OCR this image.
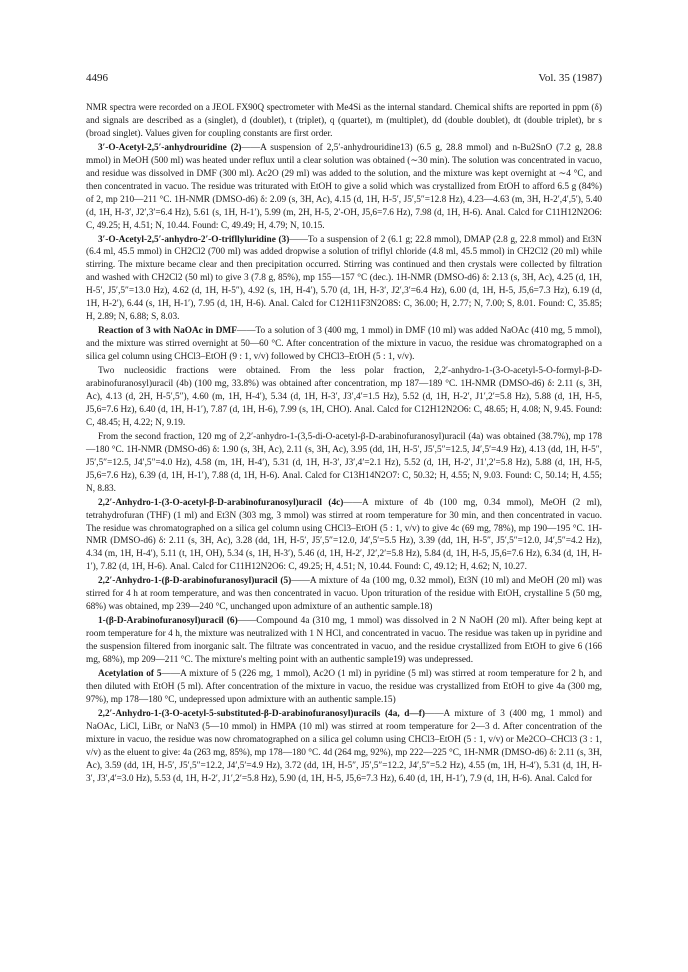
4496	Vol. 35 (1987)

NMR spectra were recorded on a JEOL FX90Q spectrometer with Me4Si as the internal standard. Chemical shifts are reported in ppm (δ) and signals are described as a (singlet), d (doublet), t (triplet), q (quartet), m (multiplet), dd (double doublet), dt (double triplet), br s (broad singlet). Values given for coupling constants are first order.

3′-O-Acetyl-2,5′-anhydrouridine (2)——A suspension of 2,5′-anhydrouridine13) (6.5 g, 28.8 mmol) and n-Bu2SnO (7.2 g, 28.8 mmol) in MeOH (500 ml) was heated under reflux until a clear solution was obtained (∼30 min). The solution was concentrated in vacuo, and residue was dissolved in DMF (300 ml). Ac2O (29 ml) was added to the solution, and the mixture was kept overnight at ∼4 °C, and then concentrated in vacuo. The residue was triturated with EtOH to give a solid which was crystallized from EtOH to afford 6.5 g (84%) of 2, mp 210—211 °C. 1H-NMR (DMSO-d6) δ: 2.09 (s, 3H, Ac), 4.15 (d, 1H, H-5′, J5′,5″=12.8 Hz), 4.23—4.63 (m, 3H, H-2′,4′,5′), 5.40 (d, 1H, H-3′, J2′,3′=6.4 Hz), 5.61 (s, 1H, H-1′), 5.99 (m, 2H, H-5, 2′-OH, J5,6=7.6 Hz), 7.98 (d, 1H, H-6). Anal. Calcd for C11H12N2O6: C, 49.25; H, 4.51; N, 10.44. Found: C, 49.49; H, 4.79; N, 10.15.

3′-O-Acetyl-2,5′-anhydro-2′-O-trifllyluridine (3)——To a suspension of 2 (6.1 g; 22.8 mmol), DMAP (2.8 g, 22.8 mmol) and Et3N (6.4 ml, 45.5 mmol) in CH2Cl2 (700 ml) was added dropwise a solution of triflyl chloride (4.8 ml, 45.5 mmol) in CH2Cl2 (20 ml) while stirring. The mixture became clear and then precipitation occurred. Stirring was continued and then crystals were collected by filtration and washed with CH2Cl2 (50 ml) to give 3 (7.8 g, 85%), mp 155—157 °C (dec.). 1H-NMR (DMSO-d6) δ: 2.13 (s, 3H, Ac), 4.25 (d, 1H, H-5′, J5′,5″=13.0 Hz), 4.62 (d, 1H, H-5″), 4.92 (s, 1H, H-4′), 5.70 (d, 1H, H-3′, J2′,3′=6.4 Hz), 6.00 (d, 1H, H-5, J5,6=7.3 Hz), 6.19 (d, 1H, H-2′), 6.44 (s, 1H, H-1′), 7.95 (d, 1H, H-6). Anal. Calcd for C12H11F3N2O8S: C, 36.00; H, 2.77; N, 7.00; S, 8.01. Found: C, 35.85; H, 2.89; N, 6.88; S, 8.03.

Reaction of 3 with NaOAc in DMF——To a solution of 3 (400 mg, 1 mmol) in DMF (10 ml) was added NaOAc (410 mg, 5 mmol), and the mixture was stirred overnight at 50—60 °C. After concentration of the mixture in vacuo, the residue was chromatographed on a silica gel column using CHCl3–EtOH (9 : 1, v/v) followed by CHCl3–EtOH (5 : 1, v/v).

Two nucleosidic fractions were obtained. From the less polar fraction, 2,2′-anhydro-1-(3-O-acetyl-5-O-formyl-β-D-arabinofuranosyl)uracil (4b) (100 mg, 33.8%) was obtained after concentration, mp 187—189 °C. 1H-NMR (DMSO-d6) δ: 2.11 (s, 3H, Ac), 4.13 (d, 2H, H-5′,5″), 4.60 (m, 1H, H-4′), 5.34 (d, 1H, H-3′, J3′,4′=1.5 Hz), 5.52 (d, 1H, H-2′, J1′,2′=5.8 Hz), 5.88 (d, 1H, H-5, J5,6=7.6 Hz), 6.40 (d, 1H, H-1′), 7.87 (d, 1H, H-6), 7.99 (s, 1H, CHO). Anal. Calcd for C12H12N2O6: C, 48.65; H, 4.08; N, 9.45. Found: C, 48.45; H, 4.22; N, 9.19.

From the second fraction, 120 mg of 2,2′-anhydro-1-(3,5-di-O-acetyl-β-D-arabinofuranosyl)uracil (4a) was obtained (38.7%), mp 178—180 °C. 1H-NMR (DMSO-d6) δ: 1.90 (s, 3H, Ac), 2.11 (s, 3H, Ac), 3.95 (dd, 1H, H-5′, J5′,5″=12.5, J4′,5′=4.9 Hz), 4.13 (dd, 1H, H-5″, J5′,5″=12.5, J4′,5″=4.0 Hz), 4.58 (m, 1H, H-4′), 5.31 (d, 1H, H-3′, J3′,4′=2.1 Hz), 5.52 (d, 1H, H-2′, J1′,2′=5.8 Hz), 5.88 (d, 1H, H-5, J5,6=7.6 Hz), 6.39 (d, 1H, H-1′), 7.88 (d, 1H, H-6). Anal. Calcd for C13H14N2O7: C, 50.32; H, 4.55; N, 9.03. Found: C, 50.14; H, 4.55; N, 8.83.

2,2′-Anhydro-1-(3-O-acetyl-β-D-arabinofuranosyl)uracil (4c)——A mixture of 4b (100 mg, 0.34 mmol), MeOH (2 ml), tetrahydrofuran (THF) (1 ml) and Et3N (303 mg, 3 mmol) was stirred at room temperature for 30 min, and then concentrated in vacuo. The residue was chromatographed on a silica gel column using CHCl3–EtOH (5 : 1, v/v) to give 4c (69 mg, 78%), mp 190—195 °C. 1H-NMR (DMSO-d6) δ: 2.11 (s, 3H, Ac), 3.28 (dd, 1H, H-5′, J5′,5″=12.0, J4′,5′=5.5 Hz), 3.39 (dd, 1H, H-5″, J5′,5″=12.0, J4′,5″=4.2 Hz), 4.34 (m, 1H, H-4′), 5.11 (t, 1H, OH), 5.34 (s, 1H, H-3′), 5.46 (d, 1H, H-2′, J2′,2′=5.8 Hz), 5.84 (d, 1H, H-5, J5,6=7.6 Hz), 6.34 (d, 1H, H-1′), 7.82 (d, 1H, H-6). Anal. Calcd for C11H12N2O6: C, 49.25; H, 4.51; N, 10.44. Found: C, 49.12; H, 4.62; N, 10.27.

2,2′-Anhydro-1-(β-D-arabinofuranosyl)uracil (5)——A mixture of 4a (100 mg, 0.32 mmol), Et3N (10 ml) and MeOH (20 ml) was stirred for 4 h at room temperature, and was then concentrated in vacuo. Upon trituration of the residue with EtOH, crystalline 5 (50 mg, 68%) was obtained, mp 239—240 °C, unchanged upon admixture of an authentic sample.18)

1-(β-D-Arabinofuranosyl)uracil (6)——Compound 4a (310 mg, 1 mmol) was dissolved in 2 N NaOH (20 ml). After being kept at room temperature for 4 h, the mixture was neutralized with 1 N HCl, and concentrated in vacuo. The residue was taken up in pyridine and the suspension filtered from inorganic salt. The filtrate was concentrated in vacuo, and the residue crystallized from EtOH to give 6 (166 mg, 68%), mp 209—211 °C. The mixture's melting point with an authentic sample19) was undepressed.

Acetylation of 5——A mixture of 5 (226 mg, 1 mmol), Ac2O (1 ml) in pyridine (5 ml) was stirred at room temperature for 2 h, and then diluted with EtOH (5 ml). After concentration of the mixture in vacuo, the residue was crystallized from EtOH to give 4a (300 mg, 97%), mp 178—180 °C, undepressed upon admixture with an authentic sample.15)

2,2′-Anhydro-1-(3-O-acetyl-5-substituted-β-D-arabinofuranosyl)uracils (4a, d—f)——A mixture of 3 (400 mg, 1 mmol) and NaOAc, LiCl, LiBr, or NaN3 (5—10 mmol) in HMPA (10 ml) was stirred at room temperature for 2—3 d. After concentration of the mixture in vacuo, the residue was now chromatographed on a silica gel column using CHCl3–EtOH (5 : 1, v/v) or Me2CO–CHCl3 (3 : 1, v/v) as the eluent to give: 4a (263 mg, 85%), mp 178—180 °C. 4d (264 mg, 92%), mp 222—225 °C, 1H-NMR (DMSO-d6) δ: 2.11 (s, 3H, Ac), 3.59 (dd, 1H, H-5′, J5′,5″=12.2, J4′,5′=4.9 Hz), 3.72 (dd, 1H, H-5″, J5′,5″=12.2, J4′,5″=5.2 Hz), 4.55 (m, 1H, H-4′), 5.31 (d, 1H, H-3′, J3′,4′=3.0 Hz), 5.53 (d, 1H, H-2′, J1′,2′=5.8 Hz), 5.90 (d, 1H, H-5, J5,6=7.3 Hz), 6.40 (d, 1H, H-1′), 7.9 (d, 1H, H-6). Anal. Calcd for
